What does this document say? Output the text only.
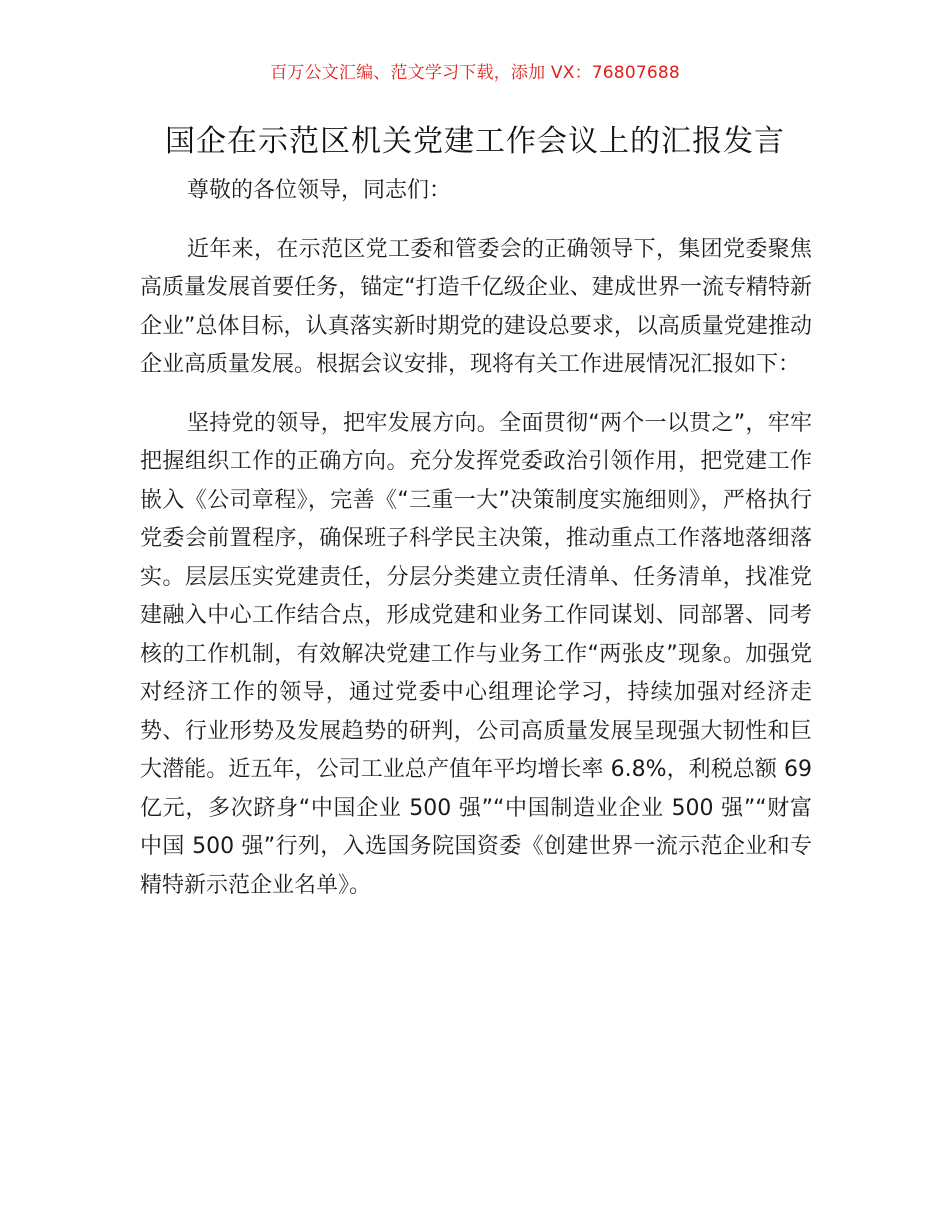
百万公文汇编、范文学习下载，添加 VX：76807688
国企在示范区机关党建工作会议上的汇报发言

尊敬的各位领导，同志们：

近年来，在示范区党工委和管委会的正确领导下，集团党委聚焦高质量发展首要任务，锚定“打造千亿级企业、建成世界一流专精特新企业”总体目标，认真落实新时期党的建设总要求，以高质量党建推动企业高质量发展。根据会议安排，现将有关工作进展情况汇报如下：

坚持党的领导，把牢发展方向。全面贯彻“两个一以贯之”，牢牢把握组织工作的正确方向。充分发挥党委政治引领作用，把党建工作嵌入《公司章程》，完善《“三重一大”决策制度实施细则》，严格执行党委会前置程序，确保班子科学民主决策，推动重点工作落地落细落实。层层压实党建责任，分层分类建立责任清单、任务清单，找准党建融入中心工作结合点，形成党建和业务工作同谋划、同部署、同考核的工作机制，有效解决党建工作与业务工作“两张皮”现象。加强党对经济工作的领导，通过党委中心组理论学习，持续加强对经济走势、行业形势及发展趋势的研判，公司高质量发展呈现强大韧性和巨大潜能。近五年，公司工业总产值年平均增长率 6.8%，利税总额 69 亿元，多次跻身“中国企业 500 强”“中国制造业企业 500 强”“财富中国 500 强”行列，入选国务院国资委《创建世界一流示范企业和专精特新示范企业名单》。
